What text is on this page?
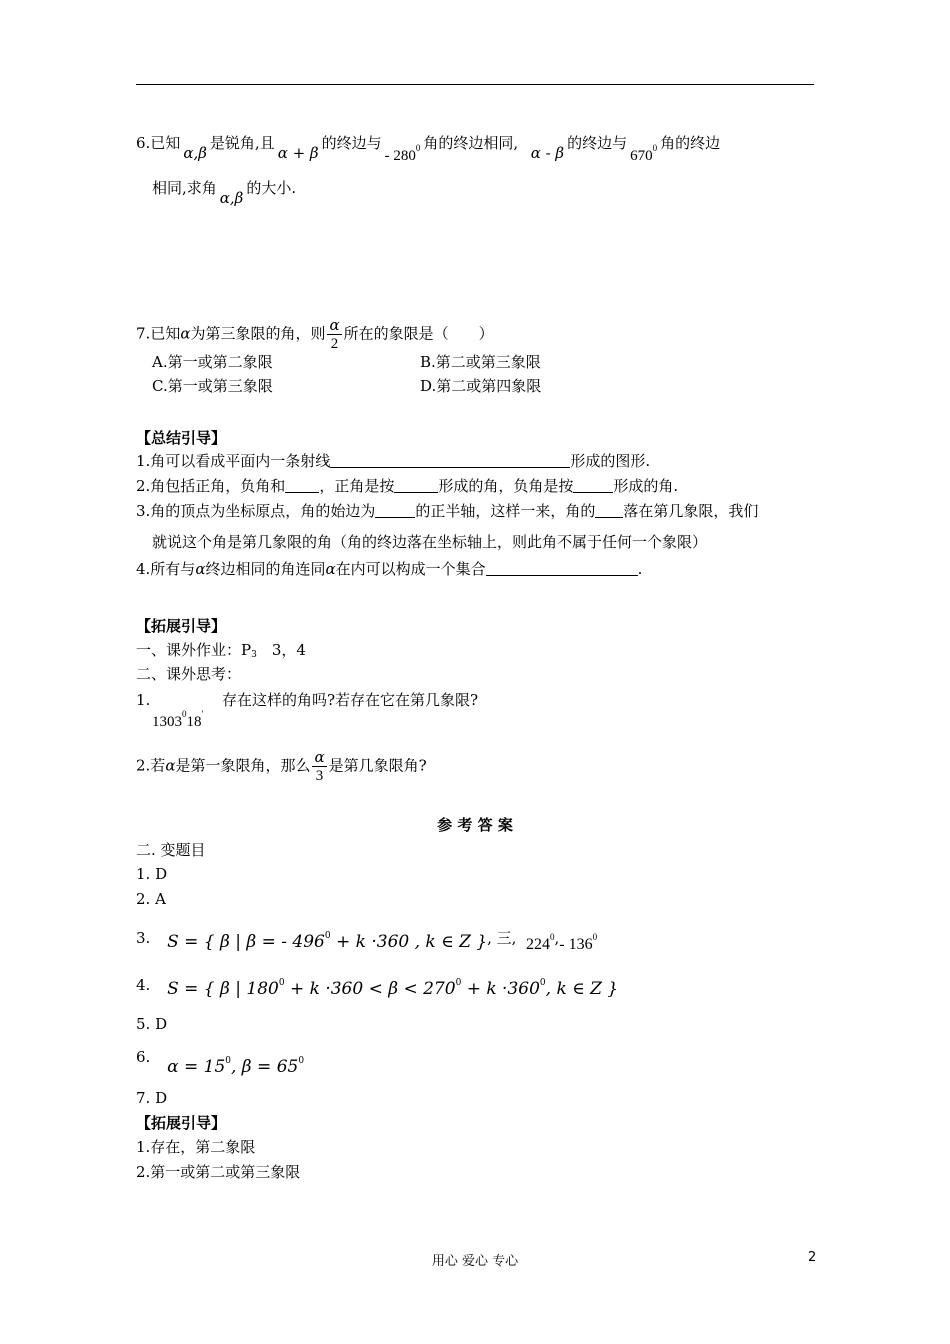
6.已知α,β是锐角,且α + β的终边与- $280^0$ 角的终边相同,  α - β的终边与$670^0$ 角的终边
相同,求角α,β的大小.
7.已知α为第三象限的角，则 $\frac{\alpha}{2}$ 所在的象限是（　　）
A.第一或第二象限	B.第二或第三象限
C.第一或第三象限	D.第二或第四象限
【总结引导】
1.角可以看成平面内一条射线	形成的图形.
2.角包括正角，负角和 ，正角是按	形成的角，负角是按	形成的角.
3.角的顶点为坐标原点，角的始边为	的正半轴，这样一来，角的 落在第几象限，我们
就说这个角是第几象限的角（角的终边落在坐标轴上，则此角不属于任何一个象限）
4.所有与α终边相同的角连同α在内可以构成一个集合	.
【拓展引导】
一、课外作业：$P_3$　3，4
二、课外思考：
1.
1303$^0$18'
存在这样的角吗?若存在它在第几象限?
2.若α是第一象限角，那么 $\frac{\alpha}{3}$ 是第几象限角?
参 考 答 案
二. 变题目
1. D
2. A
3. S = { β | β = - $496^0 + k \cdot 360$ , k ∈ Z }, 三, $224^0,-$ $136^0$
4. S = { β | $180^0 + k \cdot 360 < \beta < 270^0 + k \cdot 360^0$, k ∈ Z }
5. D
6. $\alpha = 15^0$, $\beta = 65^0$
7. D
【拓展引导】
1.存在，第二象限
2.第一或第二或第三象限
用心 爱心 专心	2
